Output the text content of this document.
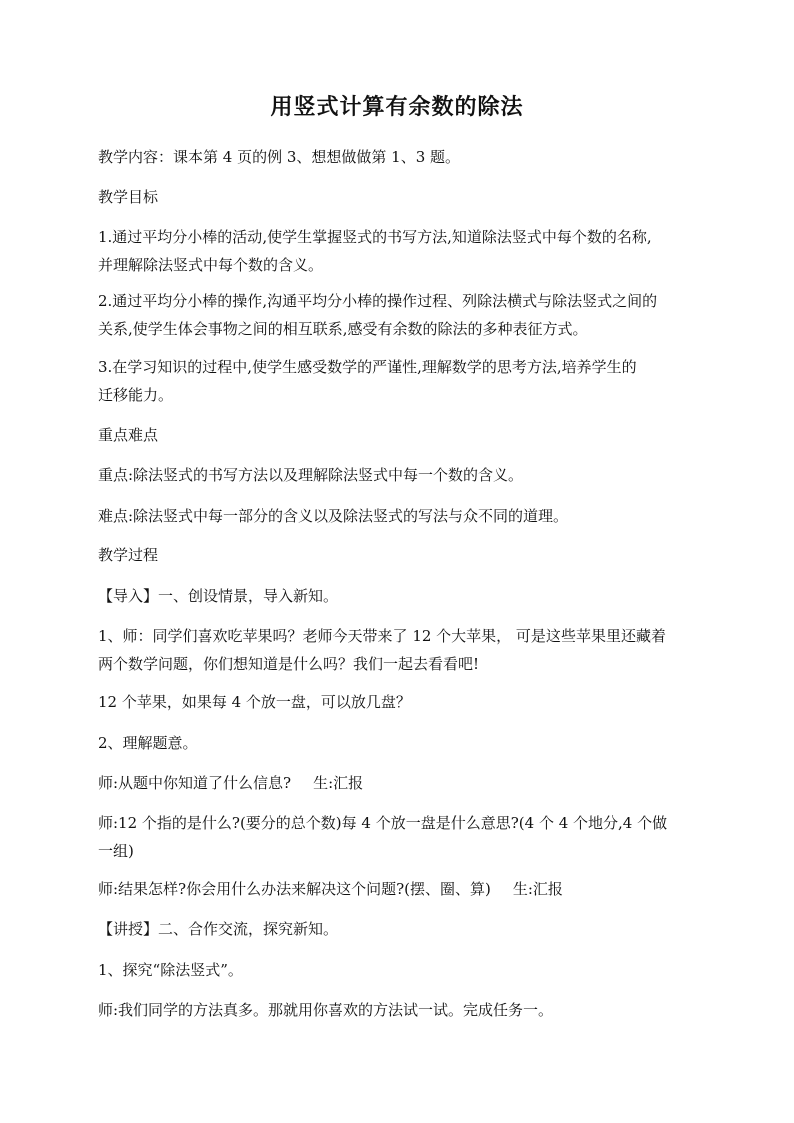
用竖式计算有余数的除法
教学内容：课本第 4 页的例 3、想想做做第 1、3 题。
教学目标
1.通过平均分小棒的活动,使学生掌握竖式的书写方法,知道除法竖式中每个数的名称,
并理解除法竖式中每个数的含义。
2.通过平均分小棒的操作,沟通平均分小棒的操作过程、列除法横式与除法竖式之间的
关系,使学生体会事物之间的相互联系,感受有余数的除法的多种表征方式。
3.在学习知识的过程中,使学生感受数学的严谨性,理解数学的思考方法,培养学生的
迁移能力。
重点难点
重点:除法竖式的书写方法以及理解除法竖式中每一个数的含义。
难点:除法竖式中每一部分的含义以及除法竖式的写法与众不同的道理。
教学过程
【导入】一、创设情景，导入新知。
1、师：同学们喜欢吃苹果吗？老师今天带来了 12 个大苹果， 可是这些苹果里还藏着
两个数学问题，你们想知道是什么吗？我们一起去看看吧!
12 个苹果，如果每 4 个放一盘，可以放几盘？
2、理解题意。
师:从题中你知道了什么信息? 生:汇报
师:12 个指的是什么?(要分的总个数)每 4 个放一盘是什么意思?(4 个 4 个地分,4 个做
一组)
师:结果怎样?你会用什么办法来解决这个问题?(摆、圈、算) 生:汇报
【讲授】二、合作交流，探究新知。
1、探究“除法竖式”。
师:我们同学的方法真多。那就用你喜欢的方法试一试。完成任务一。
